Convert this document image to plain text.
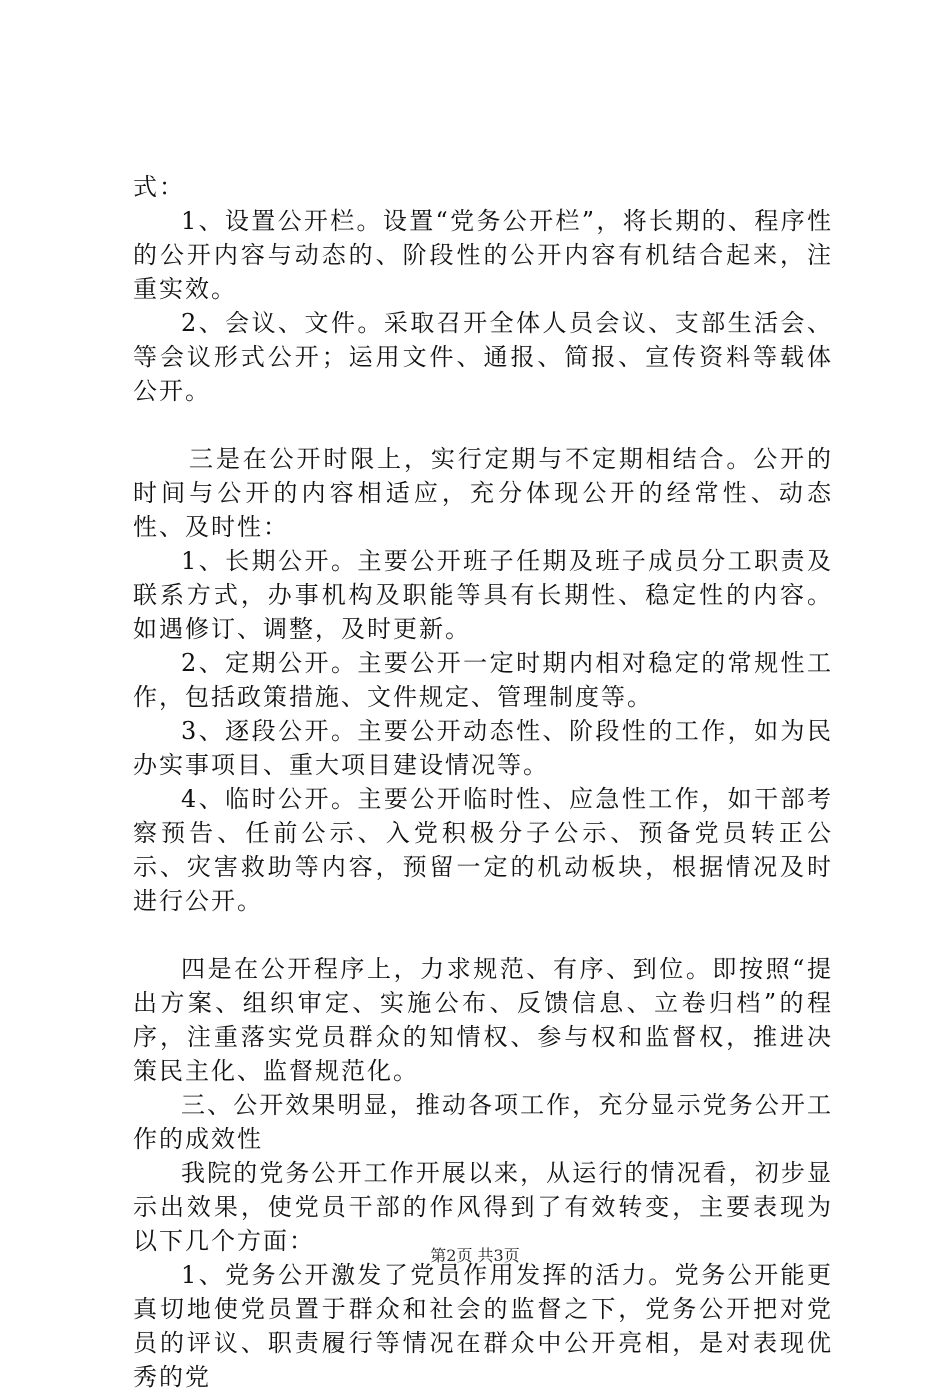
式：

1、设置公开栏。设置“党务公开栏”，将长期的、程序性的公开内容与动态的、阶段性的公开内容有机结合起来，注重实效。

2、会议、文件。采取召开全体人员会议、支部生活会、等会议形式公开；运用文件、通报、简报、宣传资料等载体公开。

三是在公开时限上，实行定期与不定期相结合。公开的时间与公开的内容相适应，充分体现公开的经常性、动态性、及时性：

1、长期公开。主要公开班子任期及班子成员分工职责及联系方式，办事机构及职能等具有长期性、稳定性的内容。如遇修订、调整，及时更新。

2、定期公开。主要公开一定时期内相对稳定的常规性工作，包括政策措施、文件规定、管理制度等。

3、逐段公开。主要公开动态性、阶段性的工作，如为民办实事项目、重大项目建设情况等。

4、临时公开。主要公开临时性、应急性工作，如干部考察预告、任前公示、入党积极分子公示、预备党员转正公示、灾害救助等内容，预留一定的机动板块，根据情况及时进行公开。

四是在公开程序上，力求规范、有序、到位。即按照“提出方案、组织审定、实施公布、反馈信息、立卷归档”的程序，注重落实党员群众的知情权、参与权和监督权，推进决策民主化、监督规范化。

三、公开效果明显，推动各项工作，充分显示党务公开工作的成效性

我院的党务公开工作开展以来，从运行的情况看，初步显示出效果，使党员干部的作风得到了有效转变，主要表现为以下几个方面：

1、党务公开激发了党员作用发挥的活力。党务公开能更真切地使党员置于群众和社会的监督之下，党务公开把对党员的评议、职责履行等情况在群众中公开亮相，是对表现优秀的党

第2页 共3页
